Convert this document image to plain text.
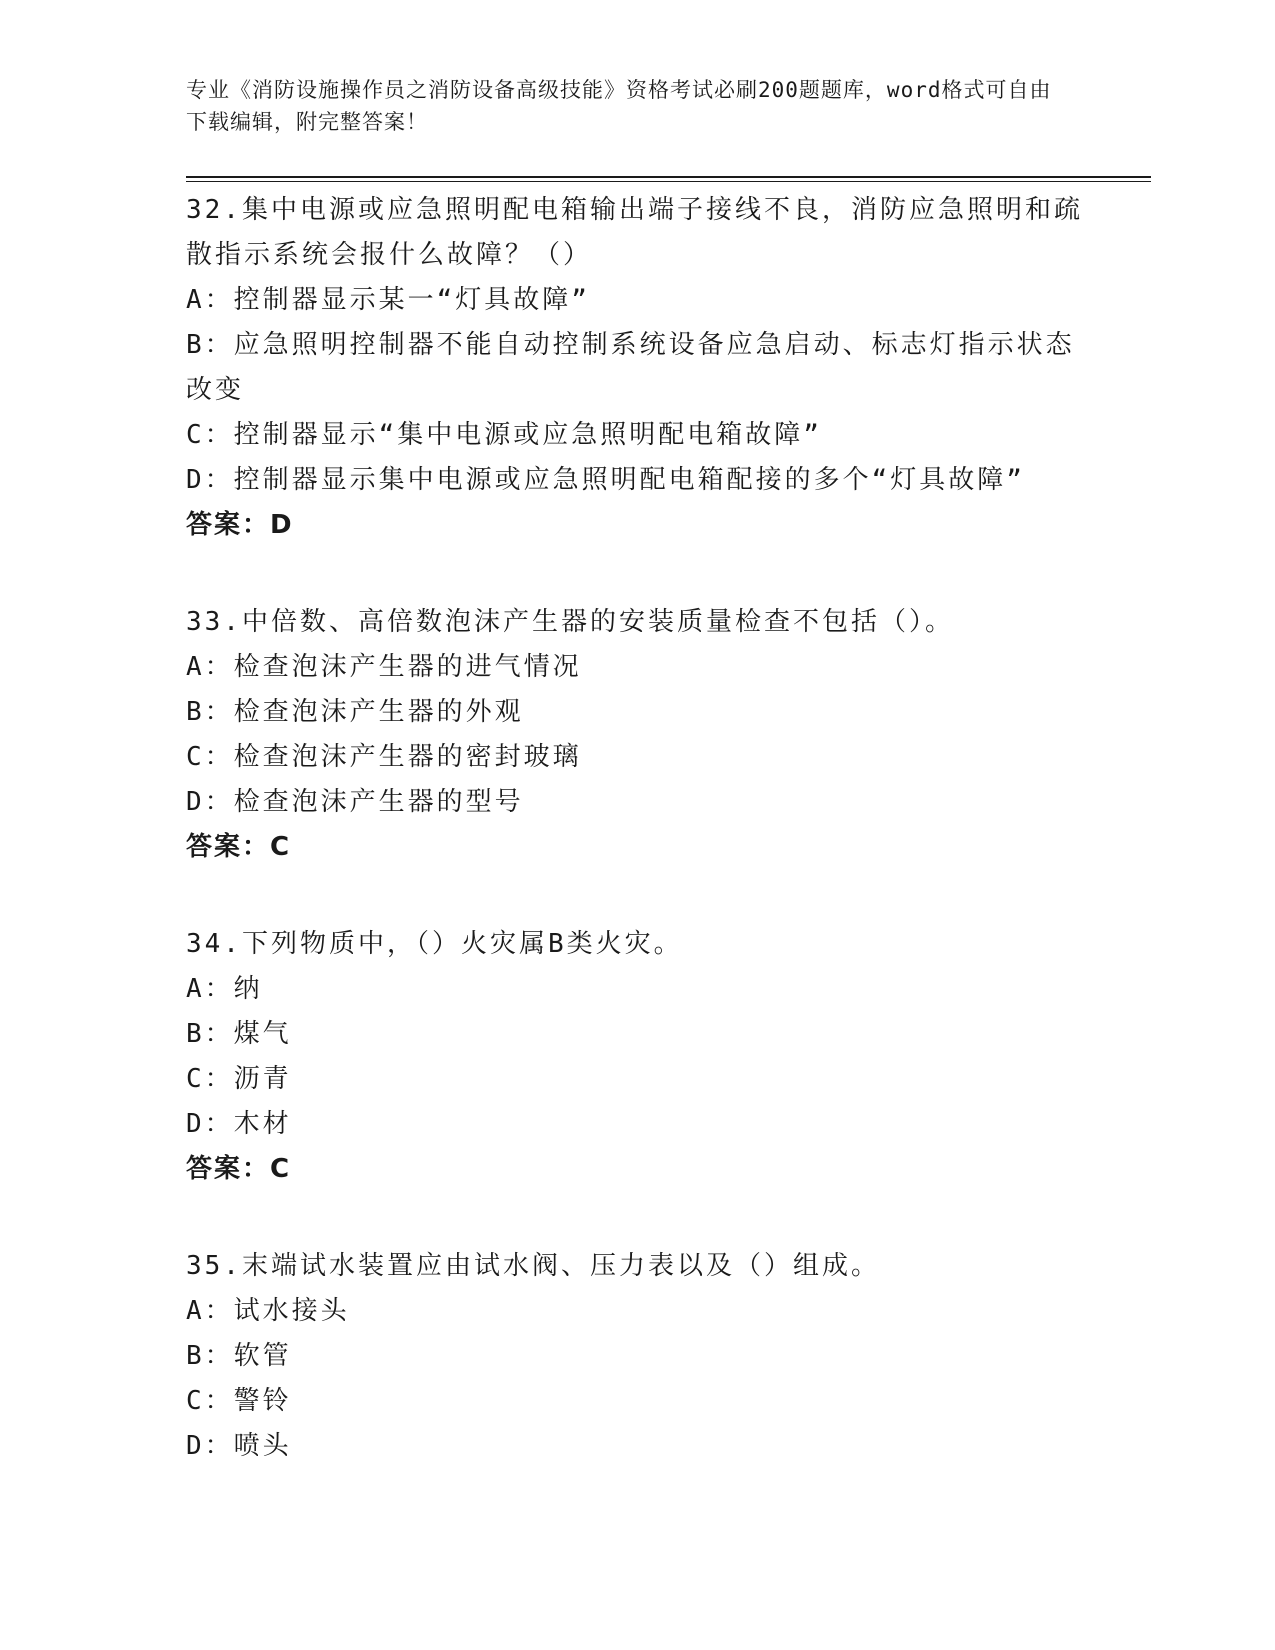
专业《消防设施操作员之消防设备高级技能》资格考试必刷200题题库，word格式可自由下载编辑，附完整答案！

32.集中电源或应急照明配电箱输出端子接线不良，消防应急照明和疏散指示系统会报什么故障？（）

A：控制器显示某一“灯具故障”

B：应急照明控制器不能自动控制系统设备应急启动、标志灯指示状态改变

C：控制器显示“集中电源或应急照明配电箱故障”

D：控制器显示集中电源或应急照明配电箱配接的多个“灯具故障”

答案：D

33.中倍数、高倍数泡沫产生器的安装质量检查不包括（）。

A：检查泡沫产生器的进气情况

B：检查泡沫产生器的外观

C：检查泡沫产生器的密封玻璃

D：检查泡沫产生器的型号

答案：C

34.下列物质中，（）火灾属B类火灾。

A：纳

B：煤气

C：沥青

D：木材

答案：C

35.末端试水装置应由试水阀、压力表以及（）组成。

A：试水接头

B：软管

C：警铃

D：喷头
